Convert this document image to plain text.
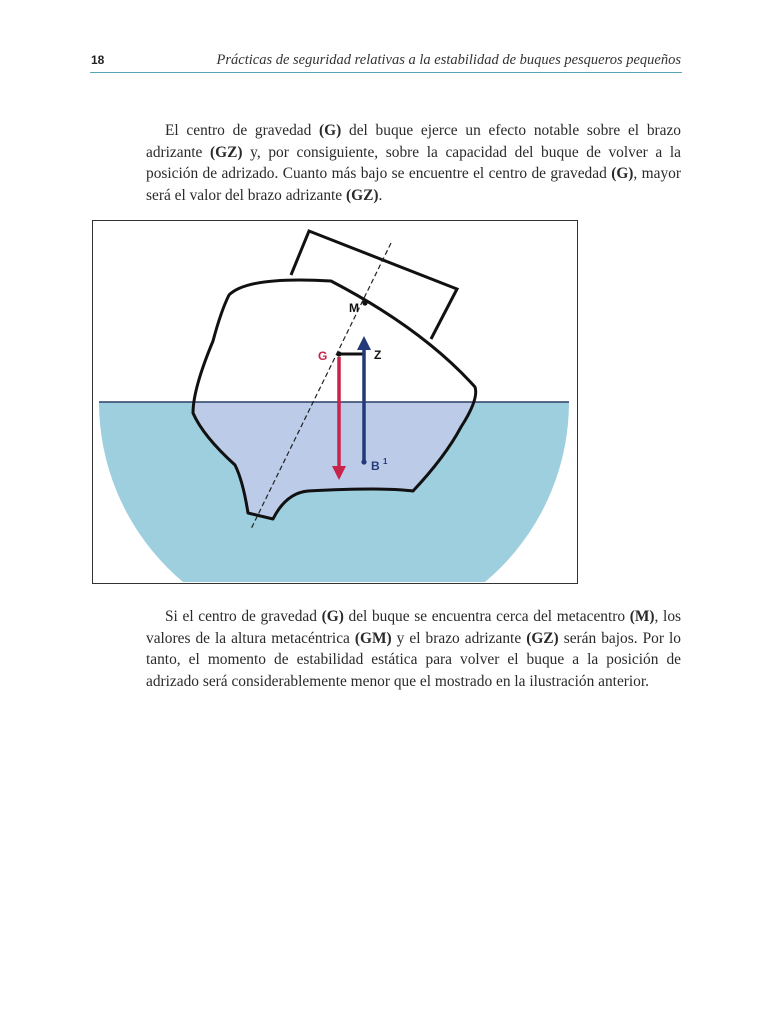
18	Prácticas de seguridad relativas a la estabilidad de buques pesqueros pequeños

El centro de gravedad (G) del buque ejerce un efecto notable sobre el brazo adrizante (GZ) y, por consiguiente, sobre la capacidad del buque de volver a la posición de adrizado. Cuanto más bajo se encuentre el centro de gravedad (G), mayor será el valor del brazo adrizante (GZ).

M
G	Z
B 1

Si el centro de gravedad (G) del buque se encuentra cerca del metacentro (M), los valores de la altura metacéntrica (GM) y el brazo adrizante (GZ) serán bajos. Por lo tanto, el momento de estabilidad estática para volver el buque a la posición de adrizado será considerablemente menor que el mostrado en la ilustración anterior.
